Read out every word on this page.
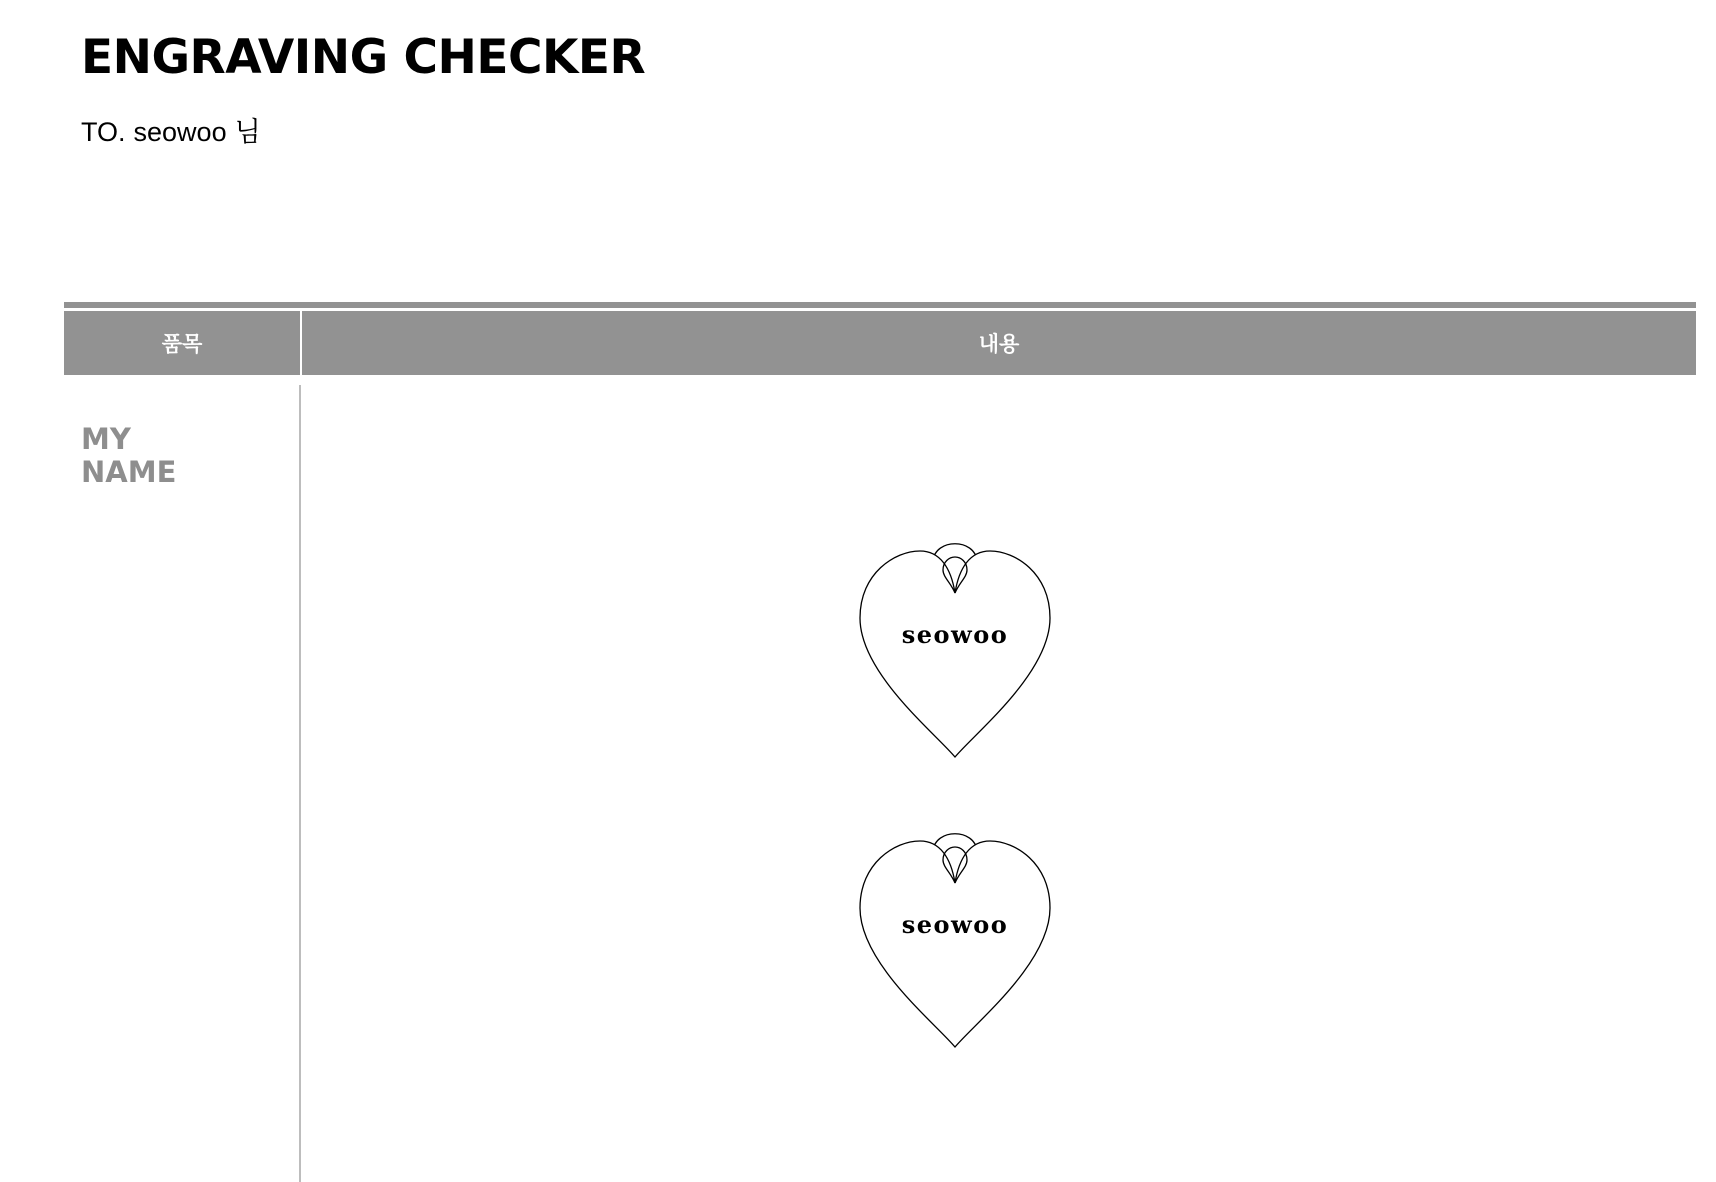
ENGRAVING CHECKER
TO. seowoo 님
품목	내용
MY
NAME
seowoo
seowoo
